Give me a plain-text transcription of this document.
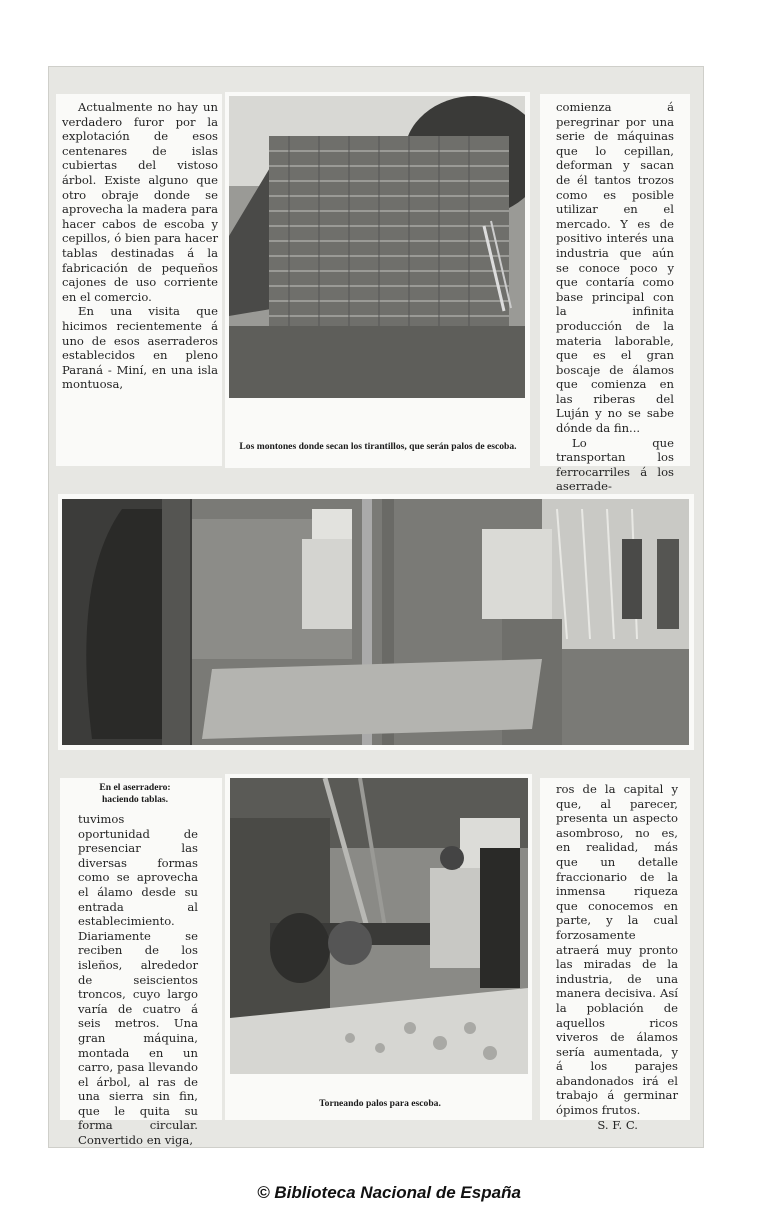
Actualmente no hay un verdadero furor por la explotación de esos centenares de islas cubiertas del vistoso árbol. Existe alguno que otro obraje donde se aprovecha la madera para hacer cabos de escoba y cepillos, ó bien para hacer tablas destinadas á la fabricación de pequeños cajones de uso corriente en el comercio.

En una visita que hicimos recientemente á uno de esos aserraderos establecidos en pleno Paraná - Miní, en una isla montuosa,

Los montones donde secan los tirantillos, que serán palos de escoba.

comienza á peregrinar por una serie de máquinas que lo cepillan, deforman y sacan de él tantos trozos como es posible utilizar en el mercado. Y es de positivo interés una industria que aún se conoce poco y que contaría como base principal con la infinita producción de la materia laborable, que es el gran boscaje de álamos que comienza en las riberas del Luján y no se sabe dónde da fin...

Lo que transportan los ferrocarriles á los aserrade-

En el aserradero: haciendo tablas.

tuvimos oportunidad de presenciar las diversas formas como se aprovecha el álamo desde su entrada al establecimiento. Diariamente se reciben de los isleños, alrededor de seiscientos troncos, cuyo largo varía de cuatro á seis metros. Una gran máquina, montada en un carro, pasa llevando el árbol, al ras de una sierra sin fin, que le quita su forma circular. Convertido en viga,

Torneando palos para escoba.

ros de la capital y que, al parecer, presenta un aspecto asombroso, no es, en realidad, más que un detalle fraccionario de la inmensa riqueza que conocemos en parte, y la cual forzosamente atraerá muy pronto las miradas de la industria, de una manera decisiva. Así la población de aquellos ricos viveros de álamos sería aumentada, y á los parajes abandonados irá el trabajo á germinar ópimos frutos.

S. F. C.

© Biblioteca Nacional de España
